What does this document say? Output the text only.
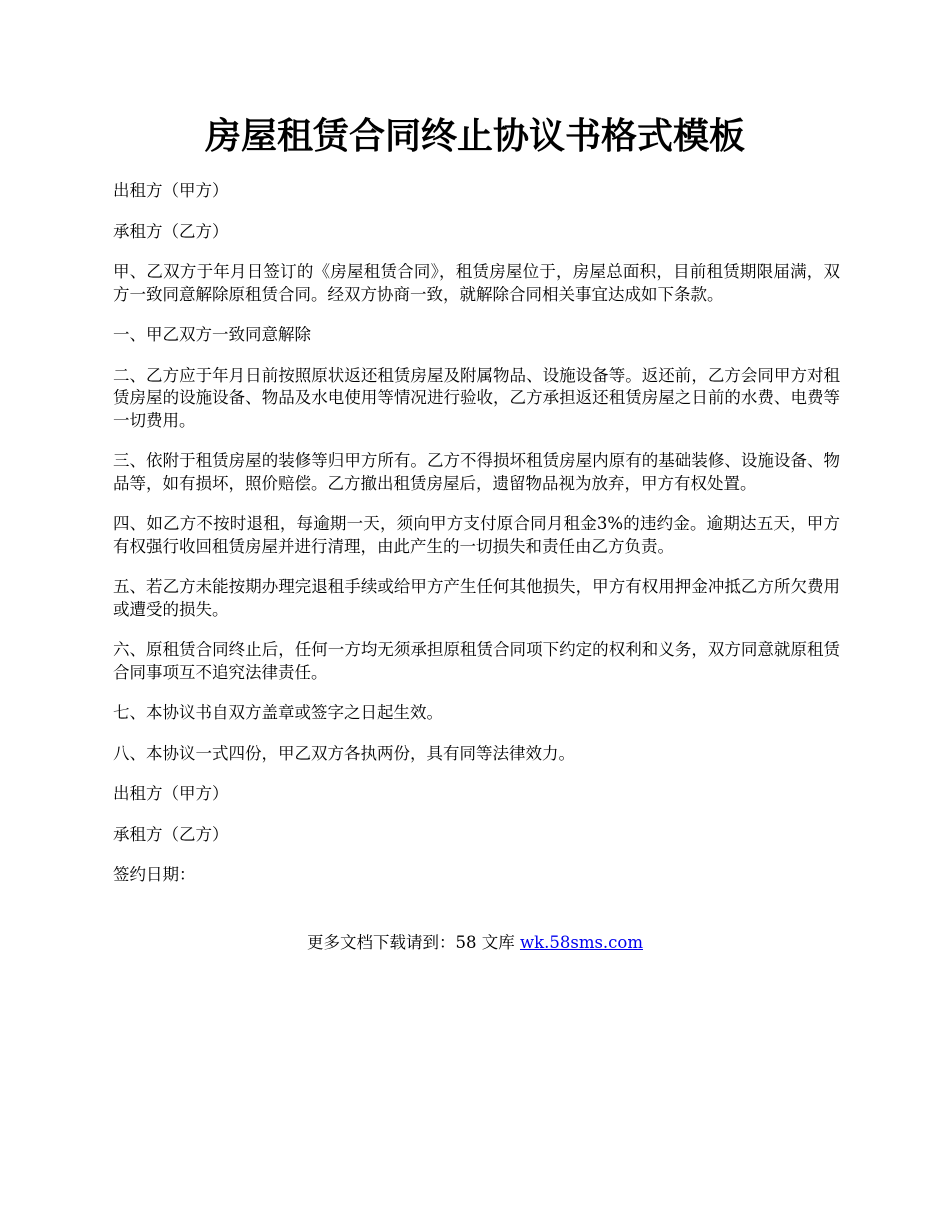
房屋租赁合同终止协议书格式模板

出租方（甲方）

承租方（乙方）

甲、乙双方于年月日签订的《房屋租赁合同》，租赁房屋位于，房屋总面积，目前租赁期限届满，双方一致同意解除原租赁合同。经双方协商一致，就解除合同相关事宜达成如下条款。

一、甲乙双方一致同意解除

二、乙方应于年月日前按照原状返还租赁房屋及附属物品、设施设备等。返还前，乙方会同甲方对租赁房屋的设施设备、物品及水电使用等情况进行验收，乙方承担返还租赁房屋之日前的水费、电费等一切费用。

三、依附于租赁房屋的装修等归甲方所有。乙方不得损坏租赁房屋内原有的基础装修、设施设备、物品等，如有损坏，照价赔偿。乙方撤出租赁房屋后，遗留物品视为放弃，甲方有权处置。

四、如乙方不按时退租，每逾期一天，须向甲方支付原合同月租金3%的违约金。逾期达五天，甲方有权强行收回租赁房屋并进行清理，由此产生的一切损失和责任由乙方负责。

五、若乙方未能按期办理完退租手续或给甲方产生任何其他损失，甲方有权用押金冲抵乙方所欠费用或遭受的损失。

六、原租赁合同终止后，任何一方均无须承担原租赁合同项下约定的权利和义务，双方同意就原租赁合同事项互不追究法律责任。

七、本协议书自双方盖章或签字之日起生效。

八、本协议一式四份，甲乙双方各执两份，具有同等法律效力。

出租方（甲方）

承租方（乙方）

签约日期：

更多文档下载请到：58 文库 wk.58sms.com
